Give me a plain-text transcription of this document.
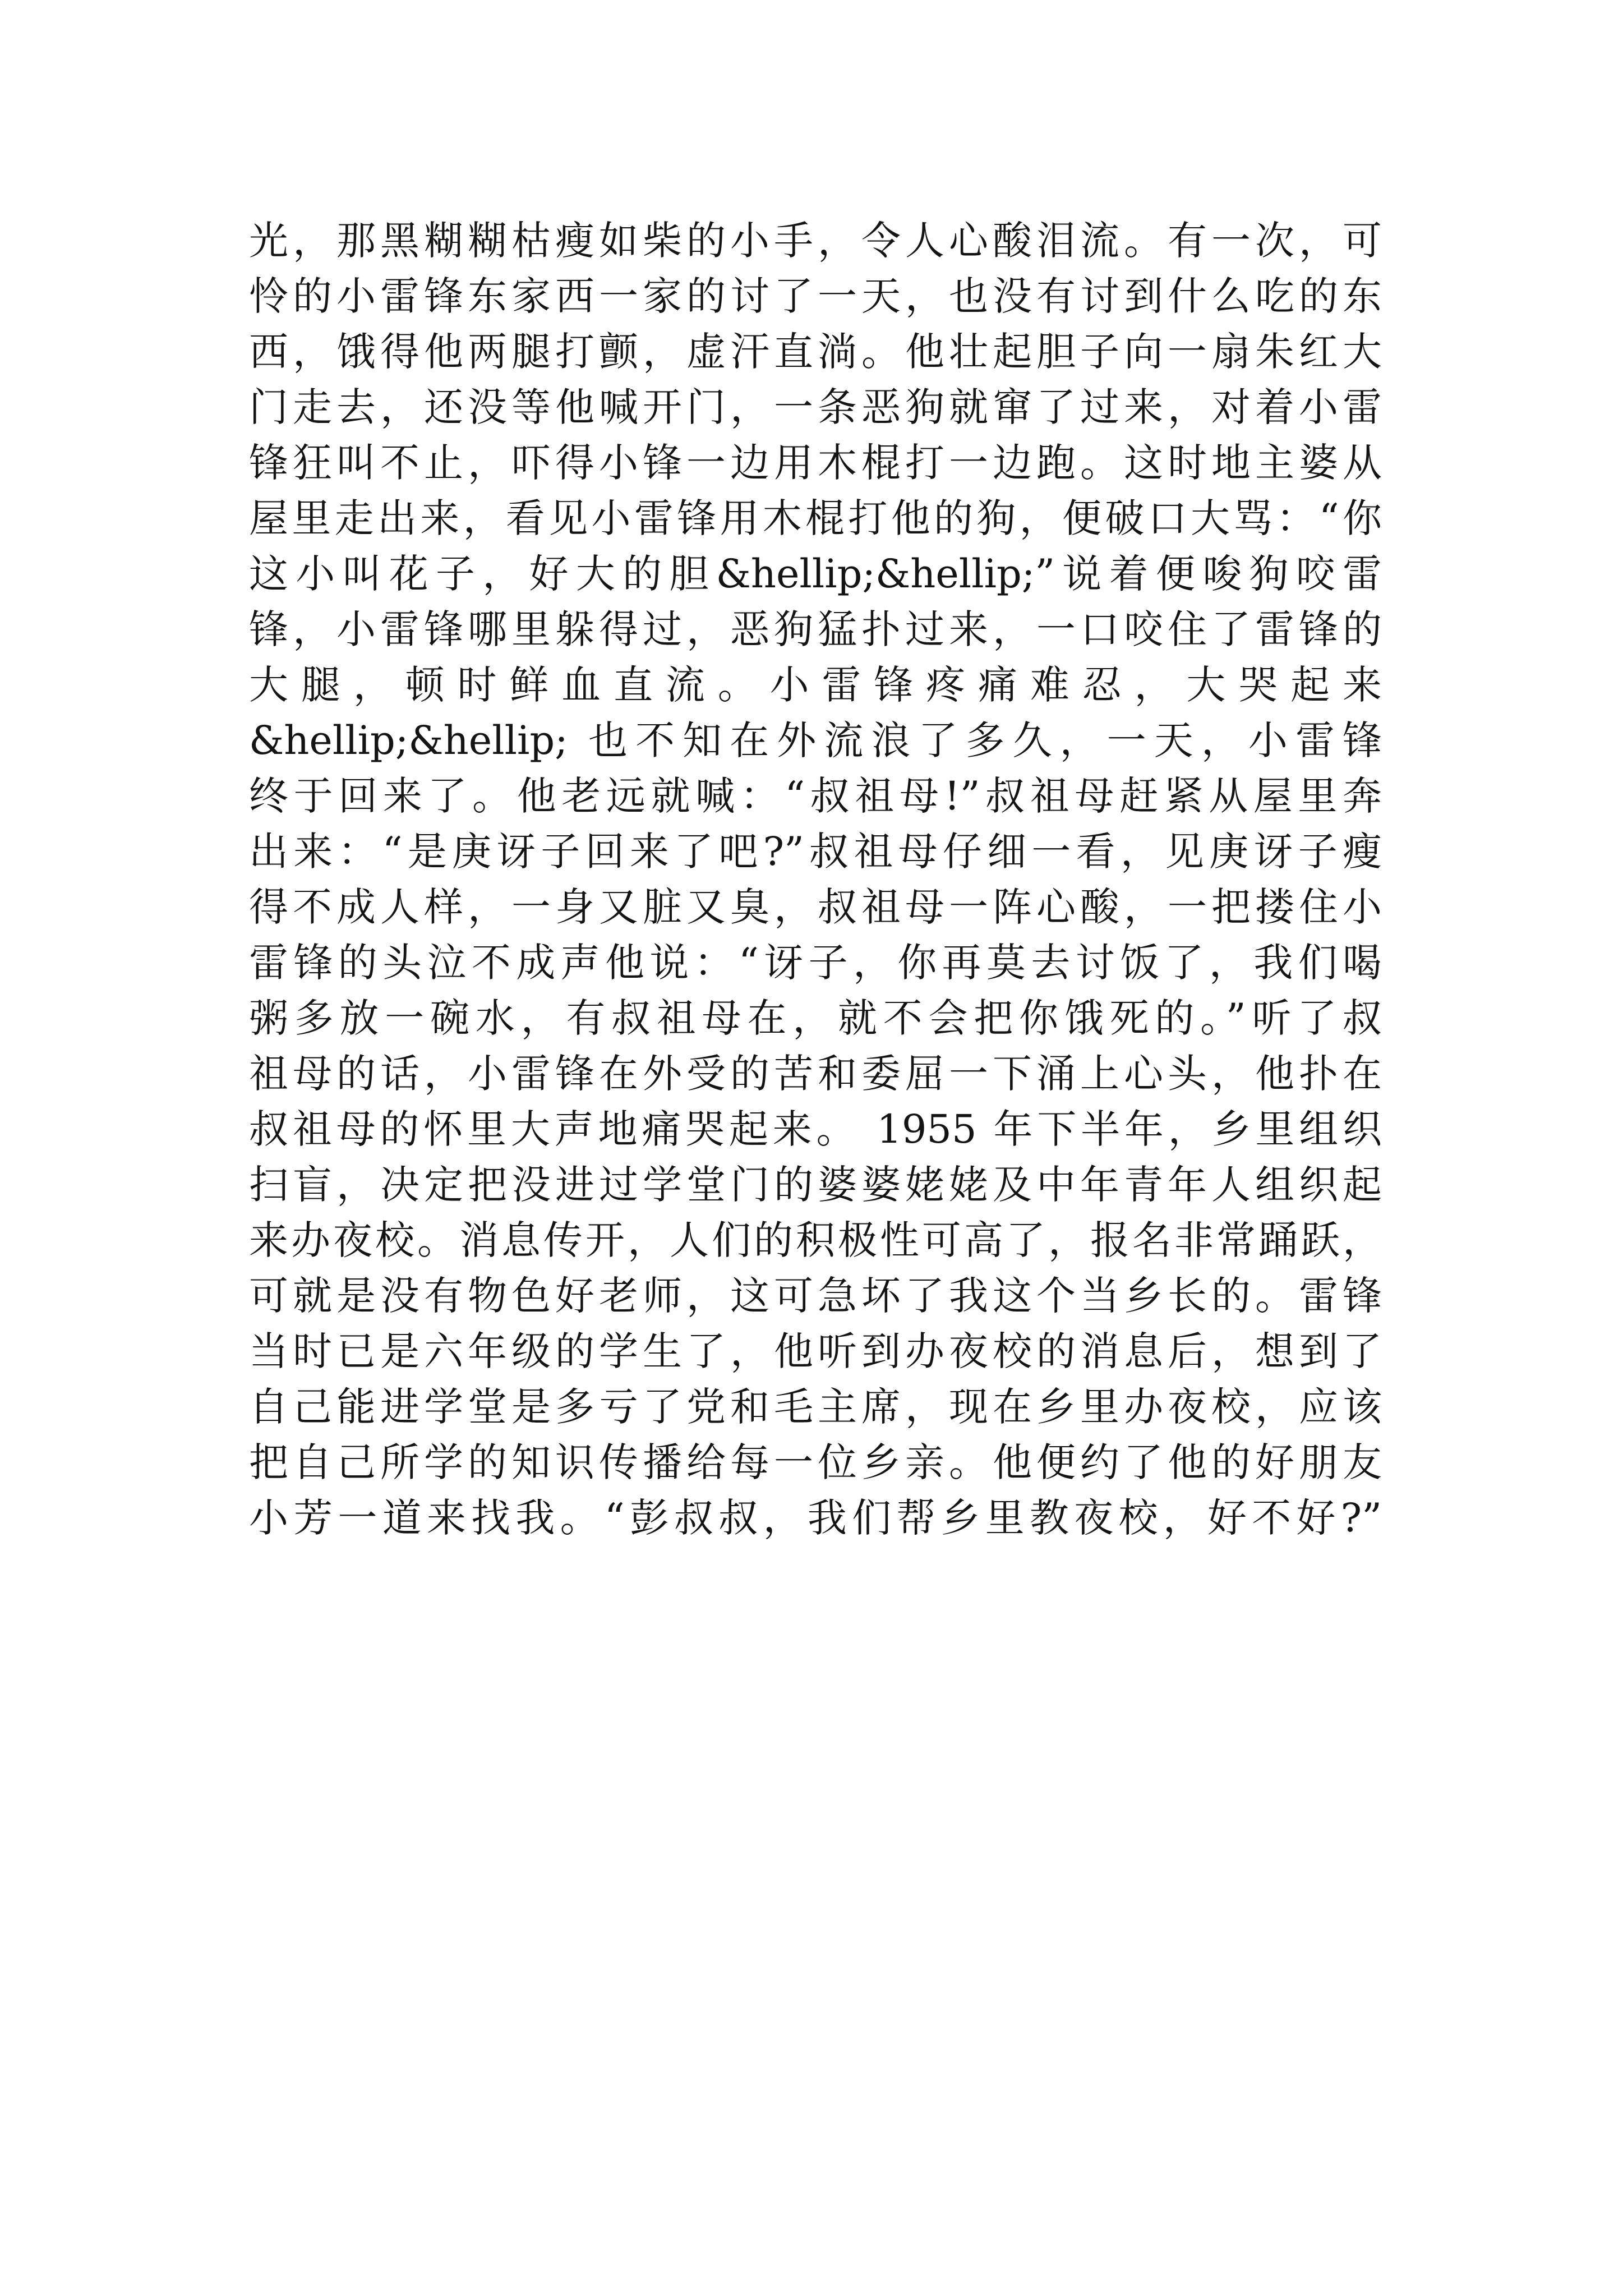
光，那黑糊糊枯瘦如柴的小手，令人心酸泪流。有一次，可
怜的小雷锋东家西一家的讨了一天，也没有讨到什么吃的东
西，饿得他两腿打颤，虚汗直淌。他壮起胆子向一扇朱红大
门走去，还没等他喊开门，一条恶狗就窜了过来，对着小雷
锋狂叫不止，吓得小锋一边用木棍打一边跑。这时地主婆从
屋里走出来，看见小雷锋用木棍打他的狗，便破口大骂：“你
这小叫花子，好大的胆&hellip;&hellip;”说着便唆狗咬雷
锋，小雷锋哪里躲得过，恶狗猛扑过来，一口咬住了雷锋的
大腿，顿时鲜血直流。小雷锋疼痛难忍，大哭起来
&hellip;&hellip; 也不知在外流浪了多久，一天，小雷锋
终于回来了。他老远就喊：“叔祖母!”叔祖母赶紧从屋里奔
出来：“是庚讶子回来了吧?”叔祖母仔细一看，见庚讶子瘦
得不成人样，一身又脏又臭，叔祖母一阵心酸，一把搂住小
雷锋的头泣不成声他说：“讶子，你再莫去讨饭了，我们喝
粥多放一碗水，有叔祖母在，就不会把你饿死的。”听了叔
祖母的话，小雷锋在外受的苦和委屈一下涌上心头，他扑在
叔祖母的怀里大声地痛哭起来。 1955 年下半年，乡里组织
扫盲，决定把没进过学堂门的婆婆姥姥及中年青年人组织起
来办夜校。消息传开，人们的积极性可高了，报名非常踊跃，
可就是没有物色好老师，这可急坏了我这个当乡长的。雷锋
当时已是六年级的学生了，他听到办夜校的消息后，想到了
自己能进学堂是多亏了党和毛主席，现在乡里办夜校，应该
把自己所学的知识传播给每一位乡亲。他便约了他的好朋友
小芳一道来找我。“彭叔叔，我们帮乡里教夜校，好不好?”
